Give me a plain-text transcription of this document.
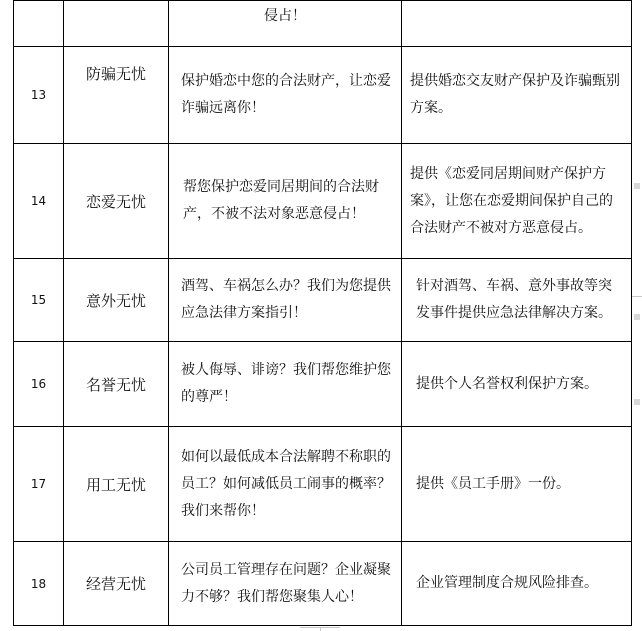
		侵占！	

13	防骗无忧	保护婚恋中您的合法财产，让恋爱诈骗远离你！	提供婚恋交友财产保护及诈骗甄别方案。

14	恋爱无忧	帮您保护恋爱同居期间的合法财产，不被不法对象恶意侵占！	提供《恋爱同居期间财产保护方案》，让您在恋爱期间保护自己的合法财产不被对方恶意侵占。

15	意外无忧	酒驾、车祸怎么办？我们为您提供应急法律方案指引！	针对酒驾、车祸、意外事故等突发事件提供应急法律解决方案。

16	名誉无忧	被人侮辱、诽谤？我们帮您维护您的尊严！	提供个人名誉权利保护方案。

17	用工无忧	如何以最低成本合法解聘不称职的员工？如何减低员工闹事的概率？我们来帮你！	提供《员工手册》一份。

18	经营无忧	公司员工管理存在问题？企业凝聚力不够？我们帮您聚集人心！	企业管理制度合规风险排查。
